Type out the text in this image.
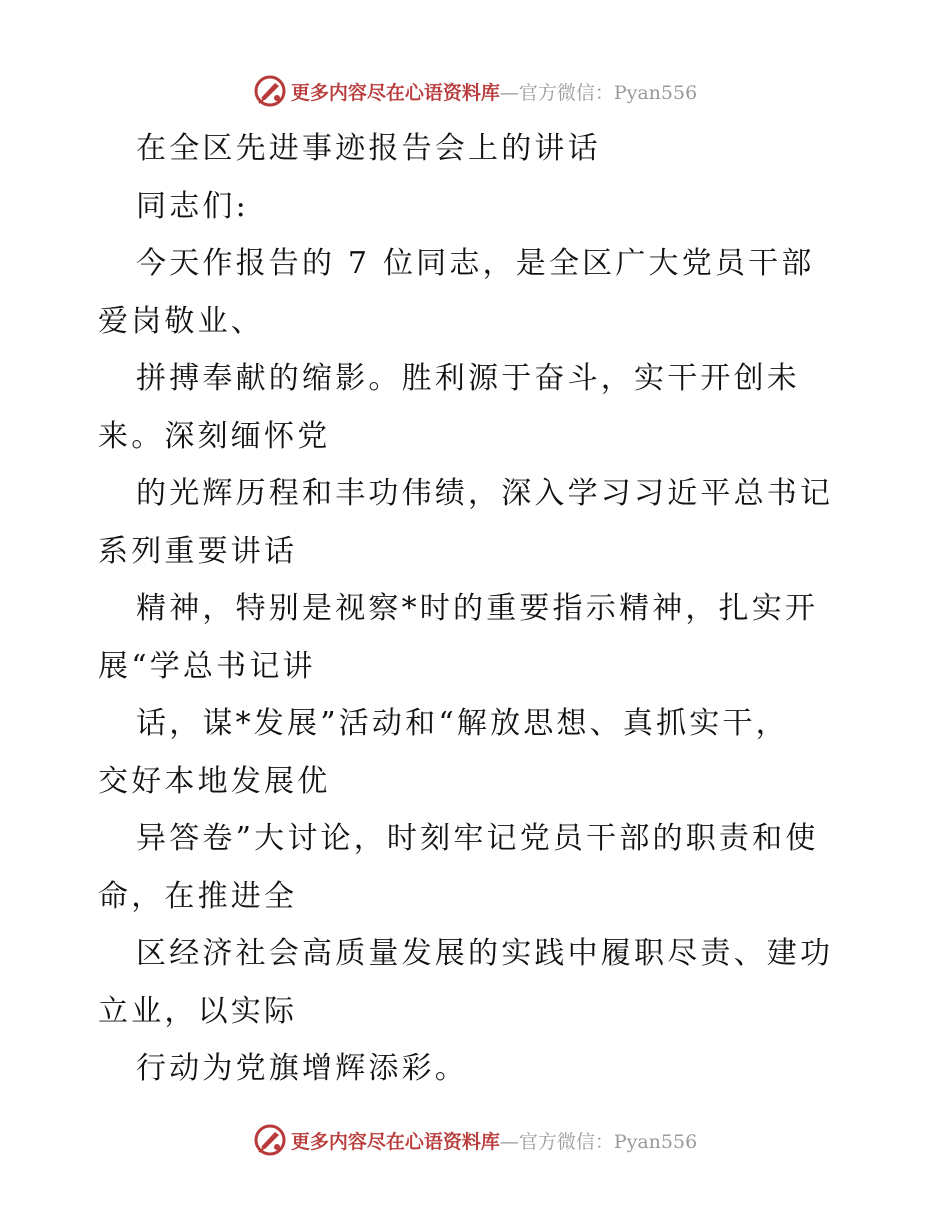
更多内容尽在心语资料库—官方微信：Pyan556
在全区先进事迹报告会上的讲话
同志们:
今天作报告的 7 位同志，是全区广大党员干部
爱岗敬业、
拼搏奉献的缩影。胜利源于奋斗，实干开创未
来。深刻缅怀党
的光辉历程和丰功伟绩，深入学习习近平总书记
系列重要讲话
精神，特别是视察*时的重要指示精神，扎实开
展“学总书记讲
话，谋*发展”活动和“解放思想、真抓实干，
交好本地发展优
异答卷”大讨论，时刻牢记党员干部的职责和使
命，在推进全
区经济社会高质量发展的实践中履职尽责、建功
立业，以实际
行动为党旗增辉添彩。
更多内容尽在心语资料库—官方微信：Pyan556
